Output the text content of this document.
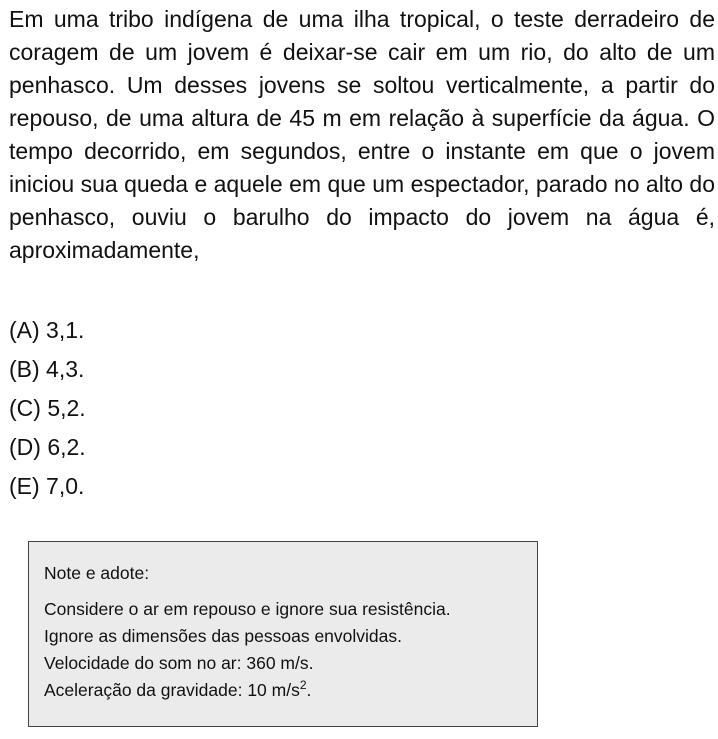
Em uma tribo indígena de uma ilha tropical, o teste derradeiro de coragem de um jovem é deixar-se cair em um rio, do alto de um penhasco. Um desses jovens se soltou verticalmente, a partir do repouso, de uma altura de 45 m em relação à superfície da água. O tempo decorrido, em segundos, entre o instante em que o jovem iniciou sua queda e aquele em que um espectador, parado no alto do penhasco, ouviu o barulho do impacto do jovem na água é, aproximadamente,

(A) 3,1.
(B) 4,3.
(C) 5,2.
(D) 6,2.
(E) 7,0.

Note e adote:

Considere o ar em repouso e ignore sua resistência.

Ignore as dimensões das pessoas envolvidas.

Velocidade do som no ar: 360 m/s.

Aceleração da gravidade: 10 $m/s^2$.
